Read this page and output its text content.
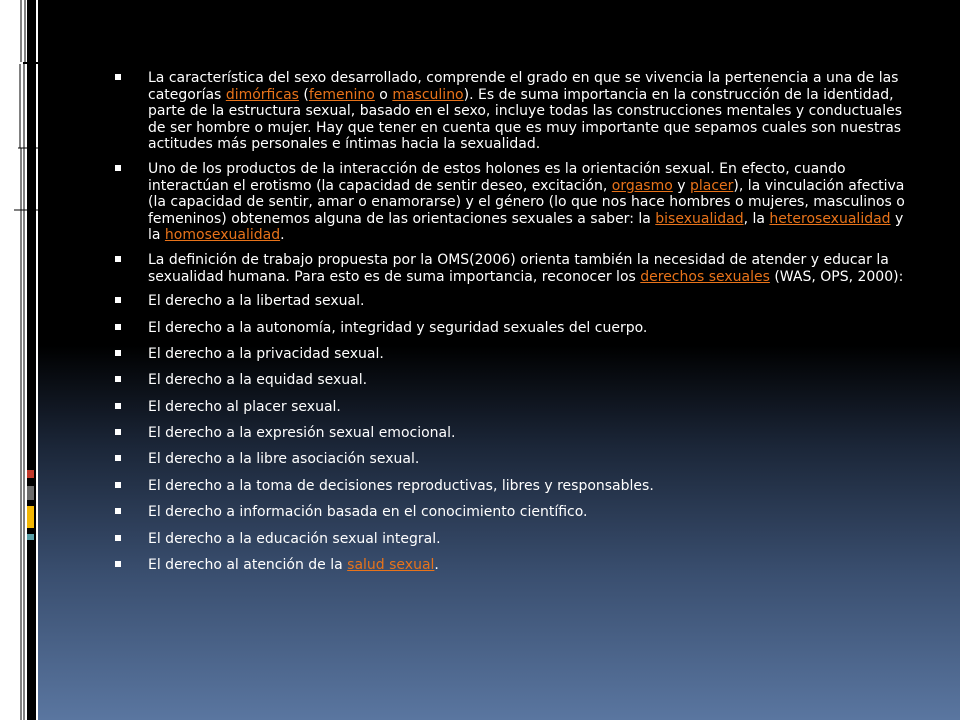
La característica del sexo desarrollado, comprende el grado en que se vivencia la pertenencia a una de las categorías dimórficas (femenino o masculino). Es de suma importancia en la construcción de la identidad, parte de la estructura sexual, basado en el sexo, incluye todas las construcciones mentales y conductuales de ser hombre o mujer. Hay que tener en cuenta que es muy importante que sepamos cuales son nuestras actitudes más personales e íntimas hacia la sexualidad.
Uno de los productos de la interacción de estos holones es la orientación sexual. En efecto, cuando interactúan el erotismo (la capacidad de sentir deseo, excitación, orgasmo y placer), la vinculación afectiva (la capacidad de sentir, amar o enamorarse) y el género (lo que nos hace hombres o mujeres, masculinos o femeninos) obtenemos alguna de las orientaciones sexuales a saber: la bisexualidad, la heterosexualidad y la homosexualidad.
La definición de trabajo propuesta por la OMS(2006) orienta también la necesidad de atender y educar la sexualidad humana. Para esto es de suma importancia, reconocer los derechos sexuales (WAS, OPS, 2000):
El derecho a la libertad sexual.
El derecho a la autonomía, integridad y seguridad sexuales del cuerpo.
El derecho a la privacidad sexual.
El derecho a la equidad sexual.
El derecho al placer sexual.
El derecho a la expresión sexual emocional.
El derecho a la libre asociación sexual.
El derecho a la toma de decisiones reproductivas, libres y responsables.
El derecho a información basada en el conocimiento científico.
El derecho a la educación sexual integral.
El derecho al atención de la salud sexual.
